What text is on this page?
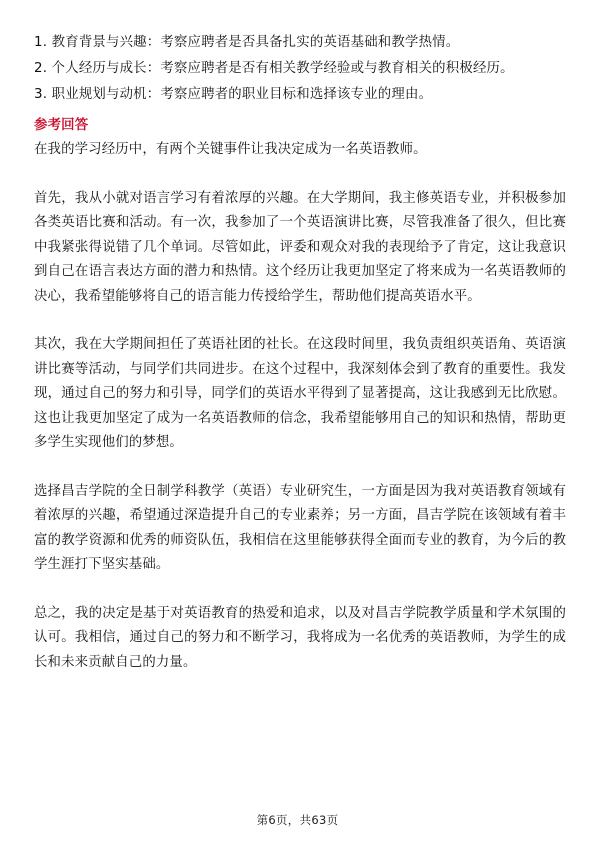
1. 教育背景与兴趣：考察应聘者是否具备扎实的英语基础和教学热情。
2. 个人经历与成长：考察应聘者是否有相关教学经验或与教育相关的积极经历。
3. 职业规划与动机：考察应聘者的职业目标和选择该专业的理由。
参考回答

在我的学习经历中，有两个关键事件让我决定成为一名英语教师。

首先，我从小就对语言学习有着浓厚的兴趣。在大学期间，我主修英语专业，并积极参加各类英语比赛和活动。有一次，我参加了一个英语演讲比赛，尽管我准备了很久，但比赛中我紧张得说错了几个单词。尽管如此，评委和观众对我的表现给予了肯定，这让我意识到自己在语言表达方面的潜力和热情。这个经历让我更加坚定了将来成为一名英语教师的决心，我希望能够将自己的语言能力传授给学生，帮助他们提高英语水平。

其次，我在大学期间担任了英语社团的社长。在这段时间里，我负责组织英语角、英语演讲比赛等活动，与同学们共同进步。在这个过程中，我深刻体会到了教育的重要性。我发现，通过自己的努力和引导，同学们的英语水平得到了显著提高，这让我感到无比欣慰。这也让我更加坚定了成为一名英语教师的信念，我希望能够用自己的知识和热情，帮助更多学生实现他们的梦想。

选择昌吉学院的全日制学科教学（英语）专业研究生，一方面是因为我对英语教育领域有着浓厚的兴趣，希望通过深造提升自己的专业素养；另一方面，昌吉学院在该领域有着丰富的教学资源和优秀的师资队伍，我相信在这里能够获得全面而专业的教育，为今后的教学生涯打下坚实基础。

总之，我的决定是基于对英语教育的热爱和追求，以及对昌吉学院教学质量和学术氛围的认可。我相信，通过自己的努力和不断学习，我将成为一名优秀的英语教师，为学生的成长和未来贡献自己的力量。

第6页，共63页
